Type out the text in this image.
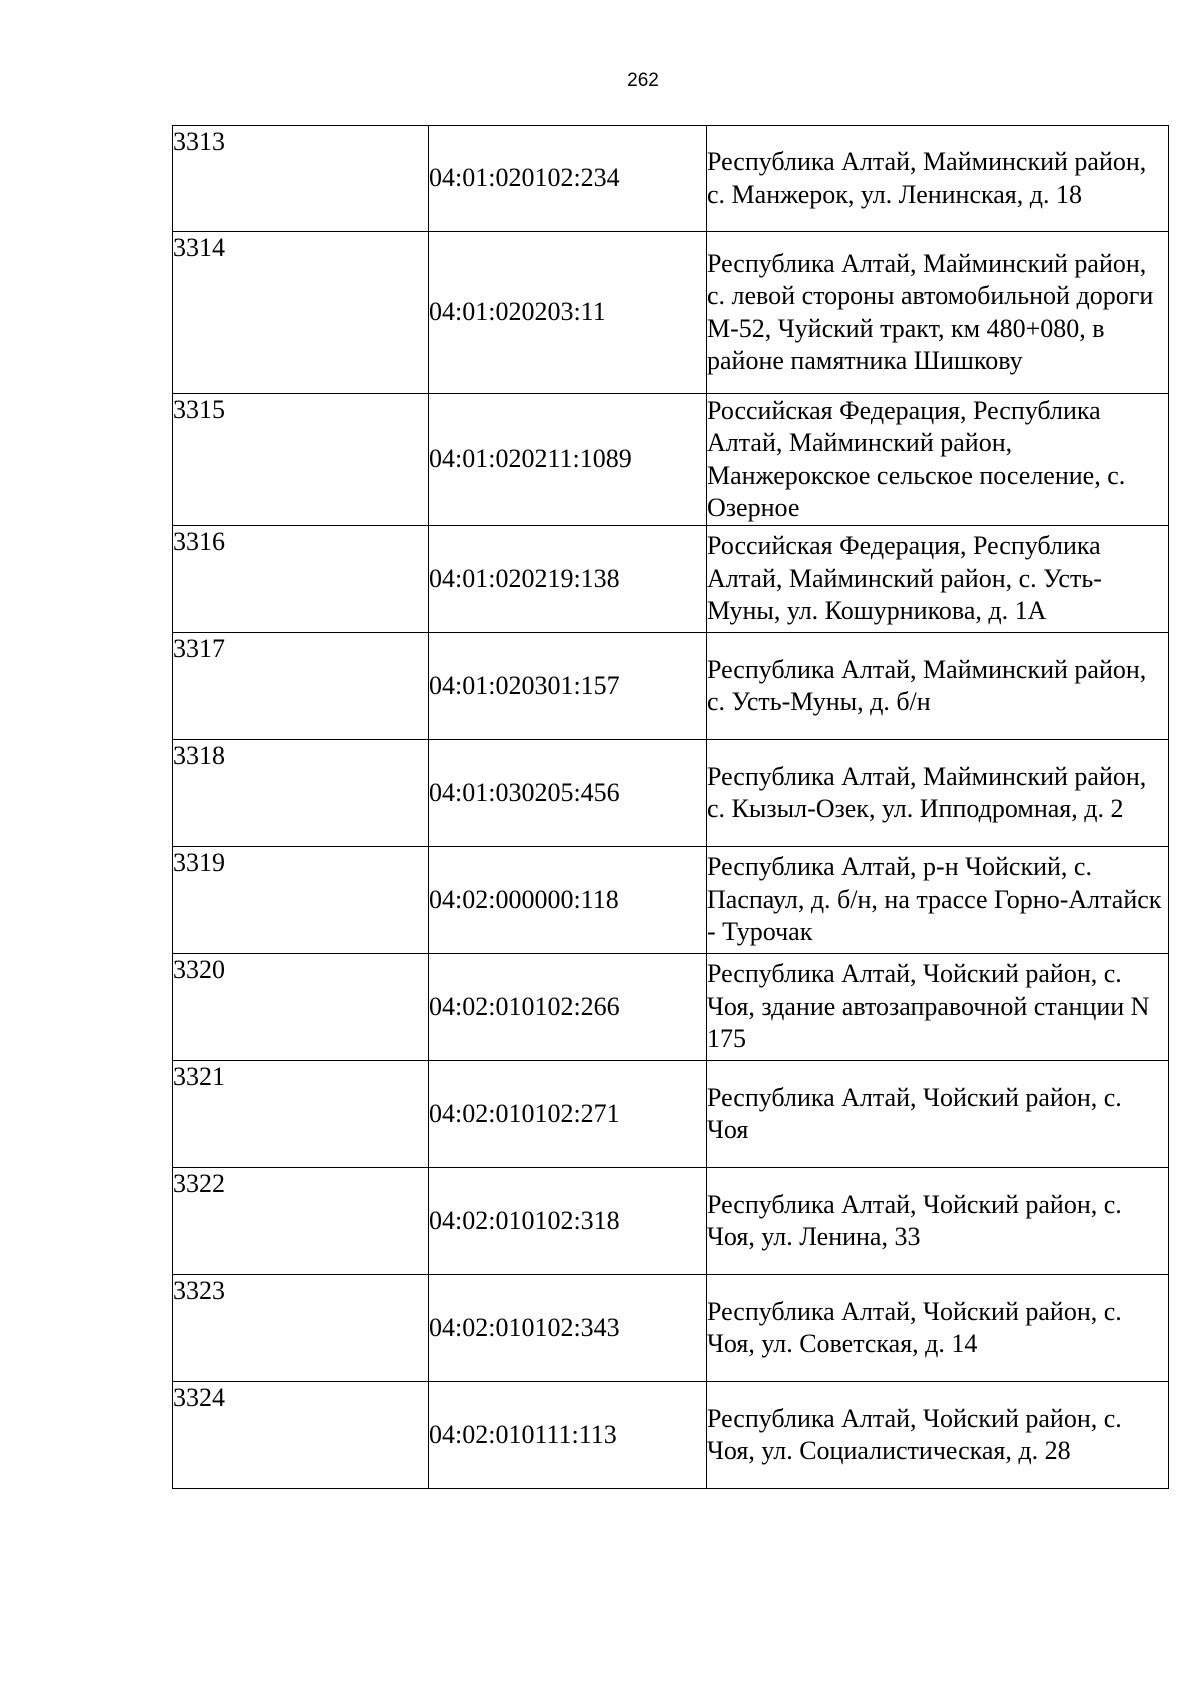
262
3313	04:01:020102:234	Республика Алтай, Майминский район, с. Манжерок, ул. Ленинская, д. 18
3314	04:01:020203:11	Республика Алтай, Майминский район, с. левой стороны автомобильной дороги М-52, Чуйский тракт, км 480+080, в районе памятника Шишкову
3315	04:01:020211:1089	Российская Федерация, Республика Алтай, Майминский район, Манжерокское сельское поселение, с. Озерное
3316	04:01:020219:138	Российская Федерация, Республика Алтай, Майминский район, с. Усть-Муны, ул. Кошурникова, д. 1А
3317	04:01:020301:157	Республика Алтай, Майминский район, с. Усть-Муны, д. б/н
3318	04:01:030205:456	Республика Алтай, Майминский район, с. Кызыл-Озек, ул. Ипподромная, д. 2
3319	04:02:000000:118	Республика Алтай, р-н Чойский, с. Паспаул, д. б/н, на трассе Горно-Алтайск - Турочак
3320	04:02:010102:266	Республика Алтай, Чойский район, с. Чоя, здание автозаправочной станции N 175
3321	04:02:010102:271	Республика Алтай, Чойский район, с. Чоя
3322	04:02:010102:318	Республика Алтай, Чойский район, с. Чоя, ул. Ленина, 33
3323	04:02:010102:343	Республика Алтай, Чойский район, с. Чоя, ул. Советская, д. 14
3324	04:02:010111:113	Республика Алтай, Чойский район, с. Чоя, ул. Социалистическая, д. 28
